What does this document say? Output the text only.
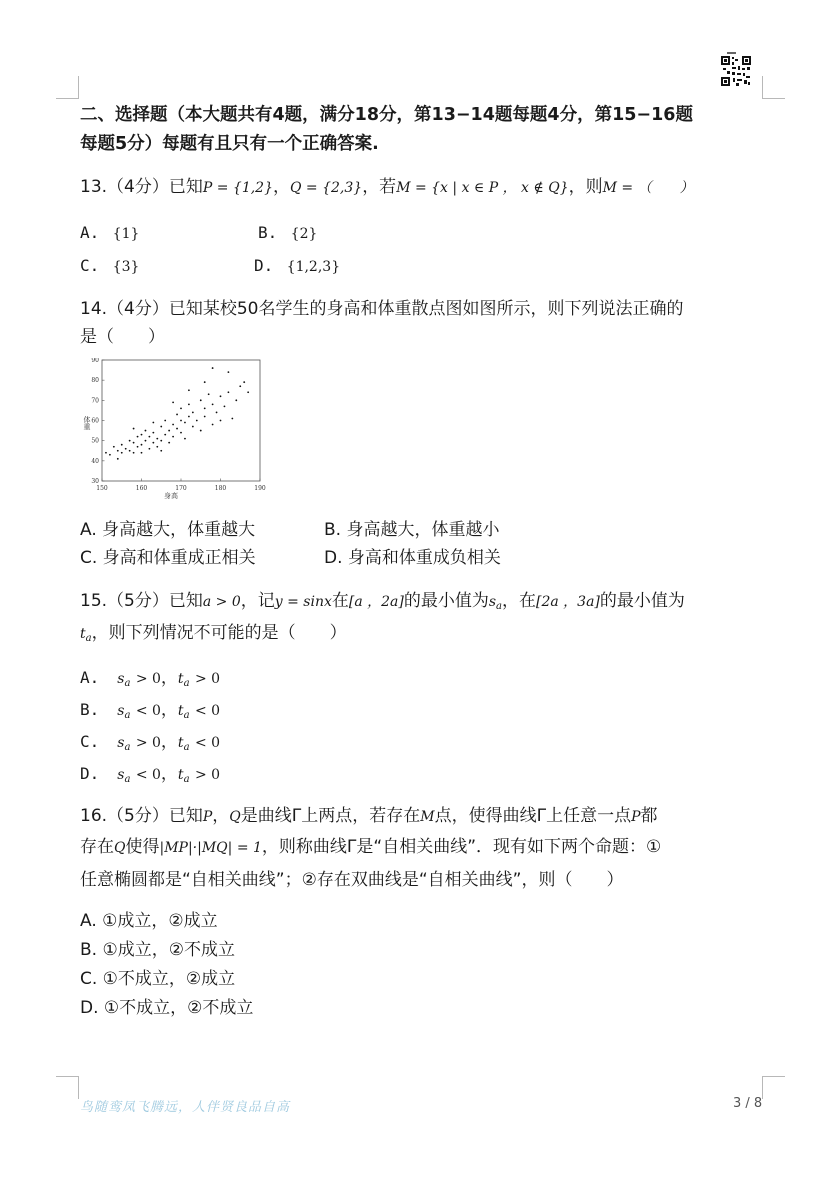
二、选择题（本大题共有4题，满分18分，第13−14题每题4分，第15−16题
每题5分）每题有且只有一个正确答案.
13.（4分）已知P = {1,2}，Q = {2,3}，若M = {x | x ∈ P ， x ∉ Q}，则M = （　　）
A. {1}	B. {2}
C. {3}	D. {1,2,3}
14.（4分）已知某校50名学生的身高和体重散点图如图所示，则下列说法正确的
是（　　）
30
40
50
60
70
80
90
150	160	170	180	190
体重
身高
A. 身高越大，体重越大	B. 身高越大，体重越小
C. 身高和体重成正相关	D. 身高和体重成负相关
15.（5分）已知a > 0，记y = sinx在[a ，2a]的最小值为$s_a$，在[2a ，3a]的最小值为
$t_a$，则下列情况不可能的是（　　）
A. $s_a > 0$，$t_a > 0$
B. $s_a < 0$，$t_a < 0$
C. $s_a > 0$，$t_a < 0$
D. $s_a < 0$，$t_a > 0$
16.（5分）已知P，Q是曲线Γ上两点，若存在M点，使得曲线Γ上任意一点P都
存在Q使得|MP|·|MQ| = 1，则称曲线Γ是“自相关曲线”．现有如下两个命题：①
任意椭圆都是“自相关曲线”；②存在双曲线是“自相关曲线”，则（　　）
A. ①成立，②成立
B. ①成立，②不成立
C. ①不成立，②成立
D. ①不成立，②不成立
鸟随鸾凤飞腾远，人伴贤良品自高	3 / 8
